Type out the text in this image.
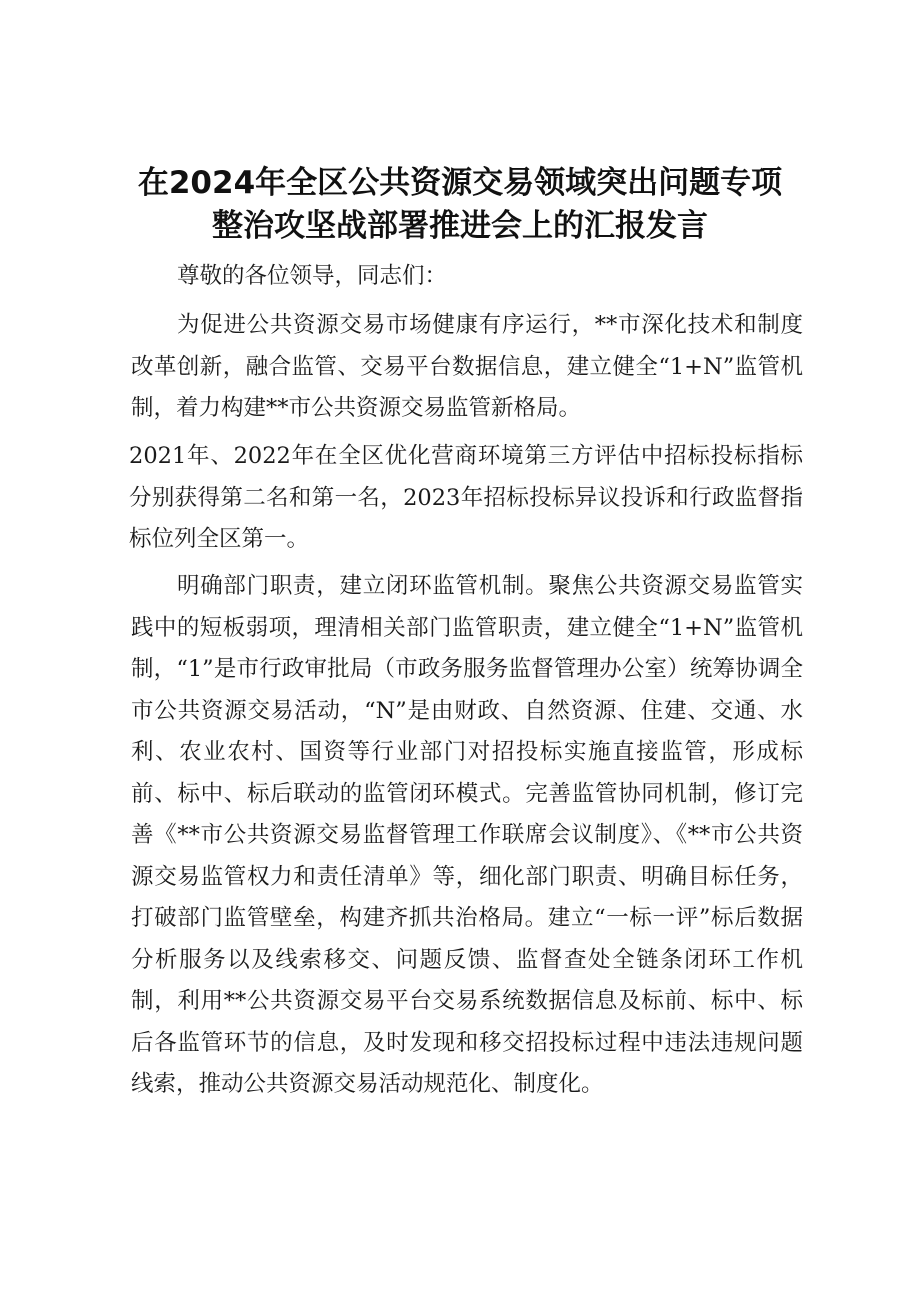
在2024年全区公共资源交易领域突出问题专项
整治攻坚战部署推进会上的汇报发言

尊敬的各位领导，同志们：

为促进公共资源交易市场健康有序运行，**市深化技术和制度改革创新，融合监管、交易平台数据信息，建立健全“1+N”监管机制，着力构建**市公共资源交易监管新格局。

2021年、2022年在全区优化营商环境第三方评估中招标投标指标分别获得第二名和第一名，2023年招标投标异议投诉和行政监督指标位列全区第一。

明确部门职责，建立闭环监管机制。聚焦公共资源交易监管实践中的短板弱项，理清相关部门监管职责，建立健全“1+N”监管机制，“1”是市行政审批局（市政务服务监督管理办公室）统筹协调全市公共资源交易活动，“N”是由财政、自然资源、住建、交通、水利、农业农村、国资等行业部门对招投标实施直接监管，形成标前、标中、标后联动的监管闭环模式。完善监管协同机制，修订完善《**市公共资源交易监督管理工作联席会议制度》、《**市公共资源交易监管权力和责任清单》等，细化部门职责、明确目标任务，打破部门监管壁垒，构建齐抓共治格局。建立“一标一评”标后数据分析服务以及线索移交、问题反馈、监督查处全链条闭环工作机制，利用**公共资源交易平台交易系统数据信息及标前、标中、标后各监管环节的信息，及时发现和移交招投标过程中违法违规问题线索，推动公共资源交易活动规范化、制度化。
